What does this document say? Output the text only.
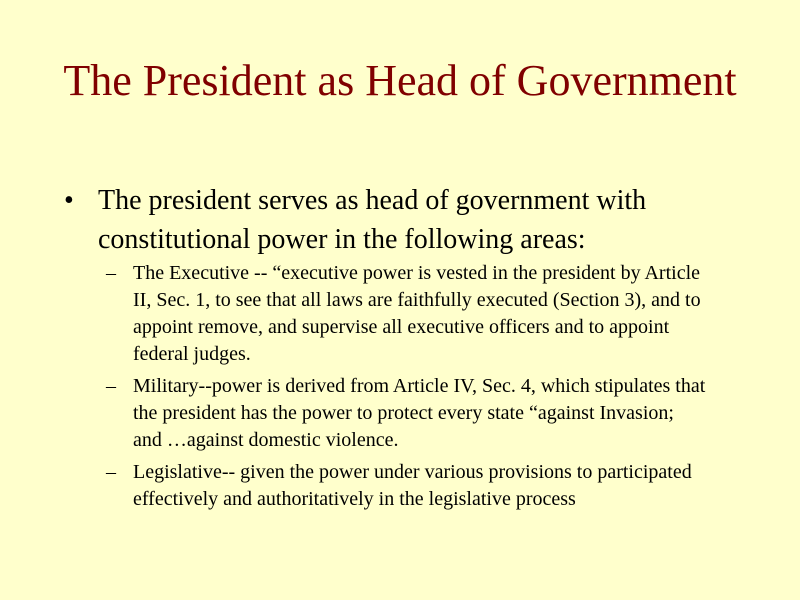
The President as Head of Government
• The president serves as head of government with constitutional power in the following areas:
– The Executive -- “executive power is vested in the president by Article II, Sec. 1, to see that all laws are faithfully executed (Section 3), and to appoint remove, and supervise all executive officers and to appoint federal judges.
– Military--power is derived from Article IV, Sec. 4, which stipulates that the president has the power to protect every state “against Invasion; and …against domestic violence.
– Legislative-- given the power under various provisions to participated effectively and authoritatively in the legislative process
